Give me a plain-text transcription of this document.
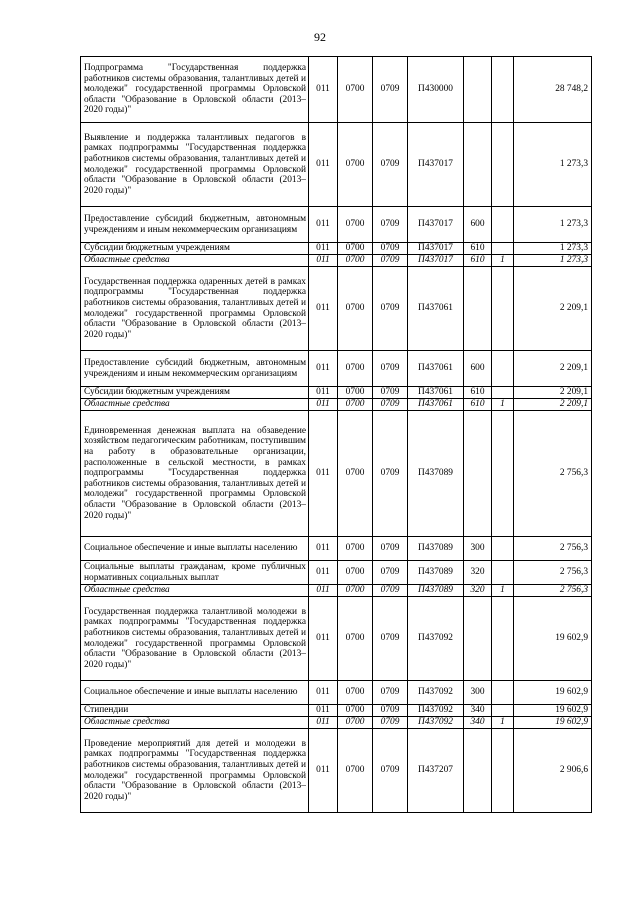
92
Подпрограмма "Государственная поддержка работников системы образования, талантливых детей и молодежи" государственной программы Орловской области "Образование в Орловской области (2013–2020 годы)"	011	0700	0709	П430000			28 748,2
Выявление и поддержка талантливых педагогов в рамках подпрограммы "Государственная поддержка работников системы образования, талантливых детей и молодежи" государственной программы Орловской области "Образование в Орловской области (2013–2020 годы)"	011	0700	0709	П437017			1 273,3
Предоставление субсидий бюджетным, автономным учреждениям и иным некоммерческим организациям	011	0700	0709	П437017	600		1 273,3
Субсидии бюджетным учреждениям	011	0700	0709	П437017	610		1 273,3
Областные средства	011	0700	0709	П437017	610	1	1 273,3
Государственная поддержка одаренных детей в рамках подпрограммы "Государственная поддержка работников системы образования, талантливых детей и молодежи" государственной программы Орловской области "Образование в Орловской области (2013–2020 годы)"	011	0700	0709	П437061			2 209,1
Предоставление субсидий бюджетным, автономным учреждениям и иным некоммерческим организациям	011	0700	0709	П437061	600		2 209,1
Субсидии бюджетным учреждениям	011	0700	0709	П437061	610		2 209,1
Областные средства	011	0700	0709	П437061	610	1	2 209,1
Единовременная денежная выплата на обзаведение хозяйством педагогическим работникам, поступившим на работу в образовательные организации, расположенные в сельской местности, в рамках подпрограммы "Государственная поддержка работников системы образования, талантливых детей и молодежи" государственной программы Орловской области "Образование в Орловской области (2013–2020 годы)"	011	0700	0709	П437089			2 756,3
Социальное обеспечение и иные выплаты населению	011	0700	0709	П437089	300		2 756,3
Социальные выплаты гражданам, кроме публичных нормативных социальных выплат	011	0700	0709	П437089	320		2 756,3
Областные средства	011	0700	0709	П437089	320	1	2 756,3
Государственная поддержка талантливой молодежи в рамках подпрограммы "Государственная поддержка работников системы образования, талантливых детей и молодежи" государственной программы Орловской области "Образование в Орловской области (2013–2020 годы)"	011	0700	0709	П437092			19 602,9
Социальное обеспечение и иные выплаты населению	011	0700	0709	П437092	300		19 602,9
Стипендии	011	0700	0709	П437092	340		19 602,9
Областные средства	011	0700	0709	П437092	340	1	19 602,9
Проведение мероприятий для детей и молодежи в рамках подпрограммы "Государственная поддержка работников системы образования, талантливых детей и молодежи" государственной программы Орловской области "Образование в Орловской области (2013–2020 годы)"	011	0700	0709	П437207			2 906,6
